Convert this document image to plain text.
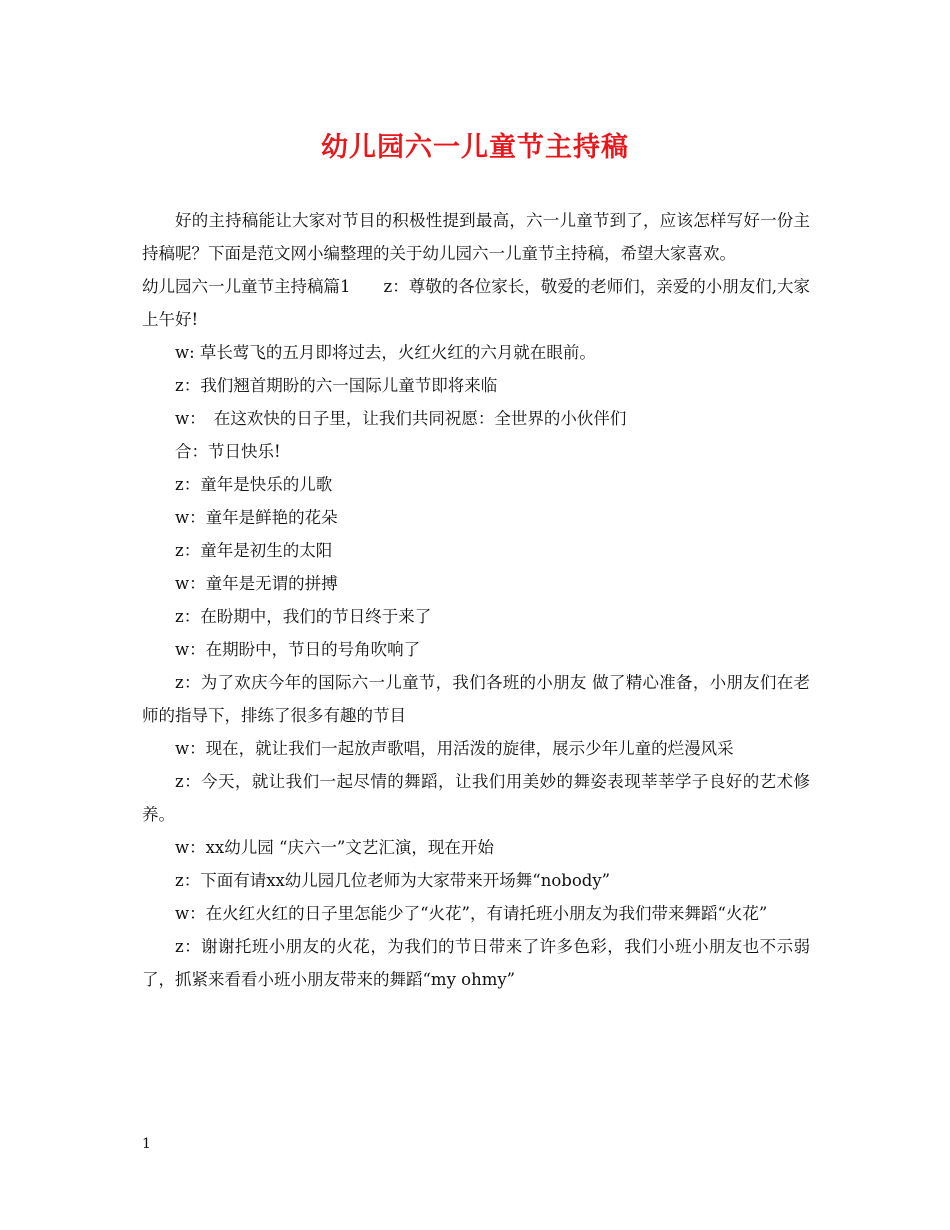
幼儿园六一儿童节主持稿

好的主持稿能让大家对节目的积极性提到最高，六一儿童节到了，应该怎样写好一份主持稿呢？下面是范文网小编整理的关于幼儿园六一儿童节主持稿，希望大家喜欢。

幼儿园六一儿童节主持稿篇1　　z：尊敬的各位家长，敬爱的老师们，亲爱的小朋友们,大家上午好!

w: 草长莺飞的五月即将过去，火红火红的六月就在眼前。

z：我们翘首期盼的六一国际儿童节即将来临

w：　在这欢快的日子里，让我们共同祝愿：全世界的小伙伴们

合：节日快乐!

z：童年是快乐的儿歌

w：童年是鲜艳的花朵

z：童年是初生的太阳

w：童年是无谓的拼搏

z：在盼期中，我们的节日终于来了

w：在期盼中，节日的号角吹响了

z：为了欢庆今年的国际六一儿童节，我们各班的小朋友 做了精心准备，小朋友们在老师的指导下，排练了很多有趣的节目

w：现在，就让我们一起放声歌唱，用活泼的旋律，展示少年儿童的烂漫风采

z：今天，就让我们一起尽情的舞蹈，让我们用美妙的舞姿表现莘莘学子良好的艺术修养。

w：xx幼儿园 “庆六一”文艺汇演，现在开始

z：下面有请xx幼儿园几位老师为大家带来开场舞“nobody”

w：在火红火红的日子里怎能少了“火花”，有请托班小朋友为我们带来舞蹈“火花”

z：谢谢托班小朋友的火花，为我们的节日带来了许多色彩，我们小班小朋友也不示弱了，抓紧来看看小班小朋友带来的舞蹈“my ohmy”

1
